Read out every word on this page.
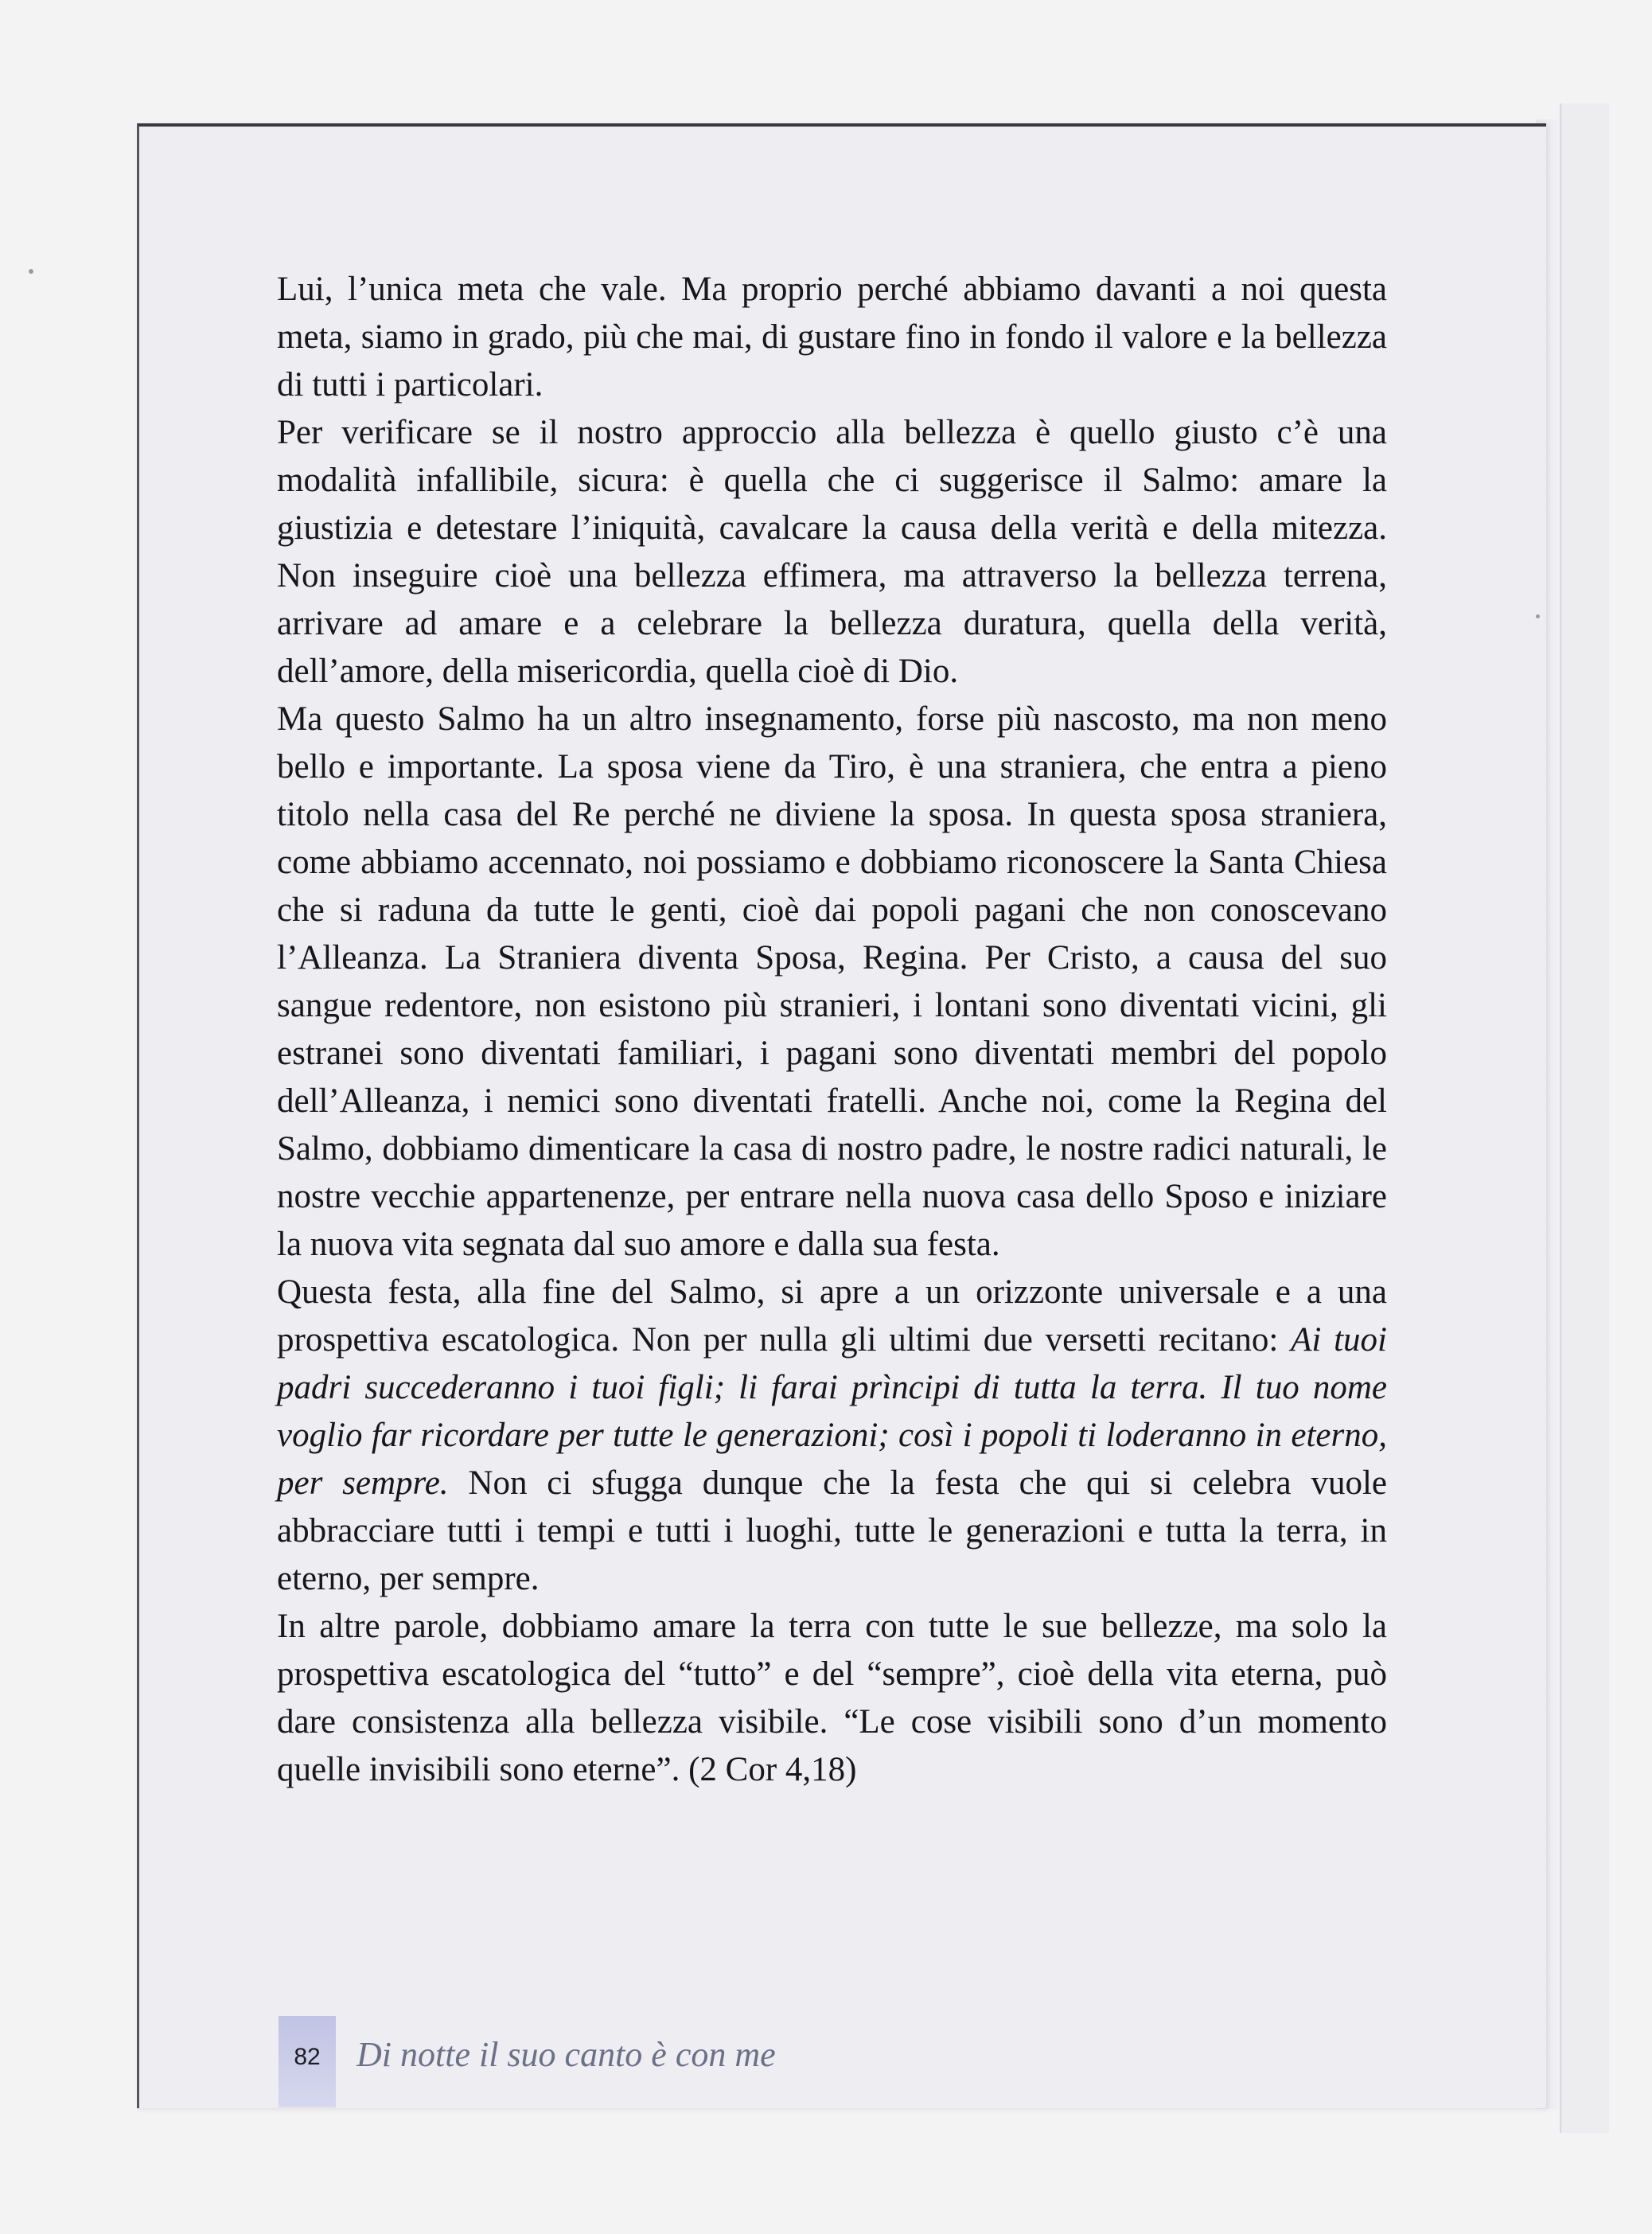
Lui, l’unica meta che vale. Ma proprio perché abbiamo davanti a noi questa meta, siamo in grado, più che mai, di gustare fino in fondo il valore e la bellezza di tutti i particolari.

Per verificare se il nostro approccio alla bellezza è quello giusto c’è una modalità infallibile, sicura: è quella che ci suggerisce il Salmo: amare la giustizia e detestare l’iniquità, cavalcare la causa della verità e della mitezza. Non inseguire cioè una bellezza effimera, ma attraverso la bellezza terrena, arrivare ad amare e a celebrare la bellezza duratura, quella della verità, dell’amore, della misericordia, quella cioè di Dio.

Ma questo Salmo ha un altro insegnamento, forse più nascosto, ma non meno bello e importante. La sposa viene da Tiro, è una straniera, che entra a pieno titolo nella casa del Re perché ne diviene la sposa. In questa sposa straniera, come abbiamo accennato, noi possiamo e dobbiamo riconoscere la Santa Chiesa che si raduna da tutte le genti, cioè dai popoli pagani che non conoscevano l’Alleanza. La Straniera diventa Sposa, Regina. Per Cristo, a causa del suo sangue redentore, non esistono più stranieri, i lontani sono diventati vicini, gli estranei sono diventati familiari, i pagani sono diventati membri del popolo dell’Alleanza, i nemici sono diventati fratelli. Anche noi, come la Regina del Salmo, dobbiamo dimenticare la casa di nostro padre, le nostre radici naturali, le nostre vecchie appartenenze, per entrare nella nuova casa dello Sposo e iniziare la nuova vita segnata dal suo amore e dalla sua festa.

Questa festa, alla fine del Salmo, si apre a un orizzonte universale e a una prospettiva escatologica. Non per nulla gli ultimi due versetti recitano: Ai tuoi padri succederanno i tuoi figli; li farai prìncipi di tutta la terra. Il tuo nome voglio far ricordare per tutte le generazioni; così i popoli ti loderanno in eterno, per sempre. Non ci sfugga dunque che la festa che qui si celebra vuole abbracciare tutti i tempi e tutti i luoghi, tutte le generazioni e tutta la terra, in eterno, per sempre.

In altre parole, dobbiamo amare la terra con tutte le sue bellezze, ma solo la prospettiva escatologica del “tutto” e del “sempre”, cioè della vita eterna, può dare consistenza alla bellezza visibile. “Le cose visibili sono d’un momento quelle invisibili sono eterne”. (2 Cor 4,18)

82	Di notte il suo canto è con me
